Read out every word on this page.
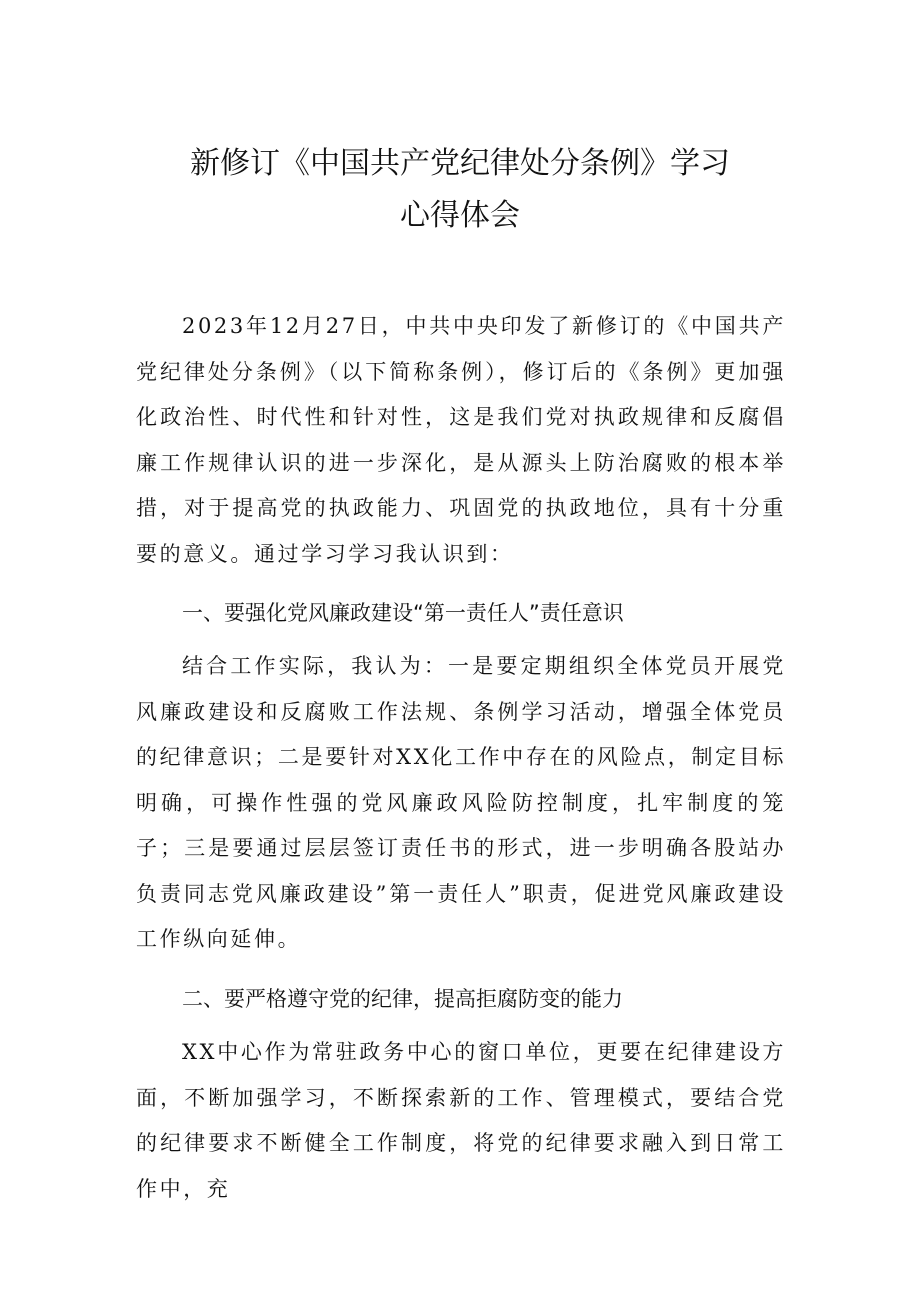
新修订《中国共产党纪律处分条例》学习
心得体会

2023年12月27日，中共中央印发了新修订的《中国共产党纪律处分条例》（以下简称条例），修订后的《条例》更加强化政治性、时代性和针对性，这是我们党对执政规律和反腐倡廉工作规律认识的进一步深化，是从源头上防治腐败的根本举措，对于提高党的执政能力、巩固党的执政地位，具有十分重要的意义。通过学习学习我认识到：

一、要强化党风廉政建设“第一责任人”责任意识

结合工作实际，我认为：一是要定期组织全体党员开展党风廉政建设和反腐败工作法规、条例学习活动，增强全体党员的纪律意识；二是要针对XX化工作中存在的风险点，制定目标明确，可操作性强的党风廉政风险防控制度，扎牢制度的笼子；三是要通过层层签订责任书的形式，进一步明确各股站办负责同志党风廉政建设”第一责任人”职责，促进党风廉政建设工作纵向延伸。

二、要严格遵守党的纪律，提高拒腐防变的能力

XX中心作为常驻政务中心的窗口单位，更要在纪律建设方面，不断加强学习，不断探索新的工作、管理模式，要结合党的纪律要求不断健全工作制度，将党的纪律要求融入到日常工作中，充
